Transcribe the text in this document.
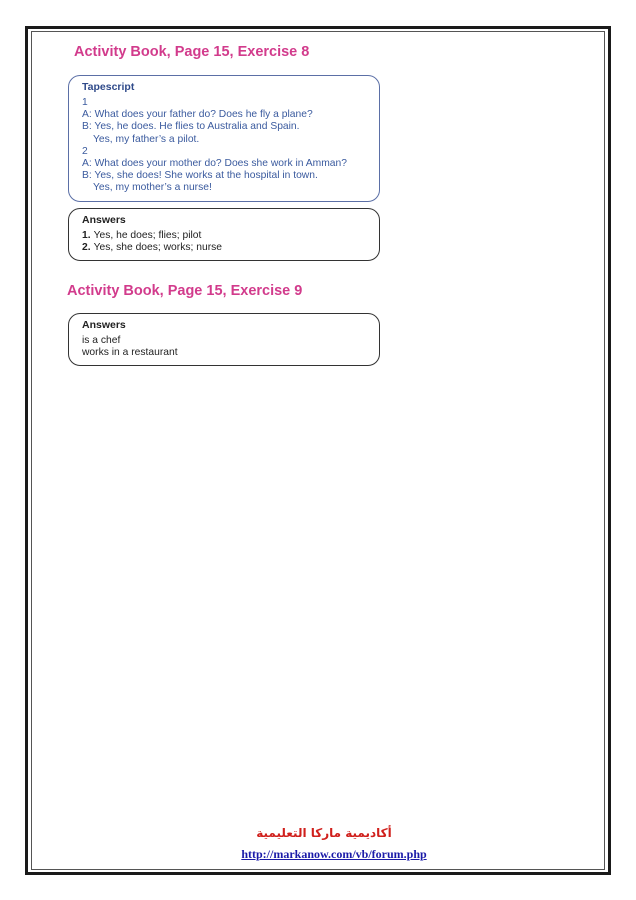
Activity Book, Page 15, Exercise 8
Tapescript
1
A: What does your father do? Does he fly a plane?
B: Yes, he does. He flies to Australia and Spain.
Yes, my father’s a pilot.
2
A: What does your mother do? Does she work in Amman?
B: Yes, she does! She works at the hospital in town.
Yes, my mother’s a nurse!
Answers
1. Yes, he does; flies; pilot
2. Yes, she does; works; nurse
Activity Book, Page 15, Exercise 9
Answers
is a chef
works in a restaurant
أكاديمية ماركا التعليمية
http://markanow.com/vb/forum.php
